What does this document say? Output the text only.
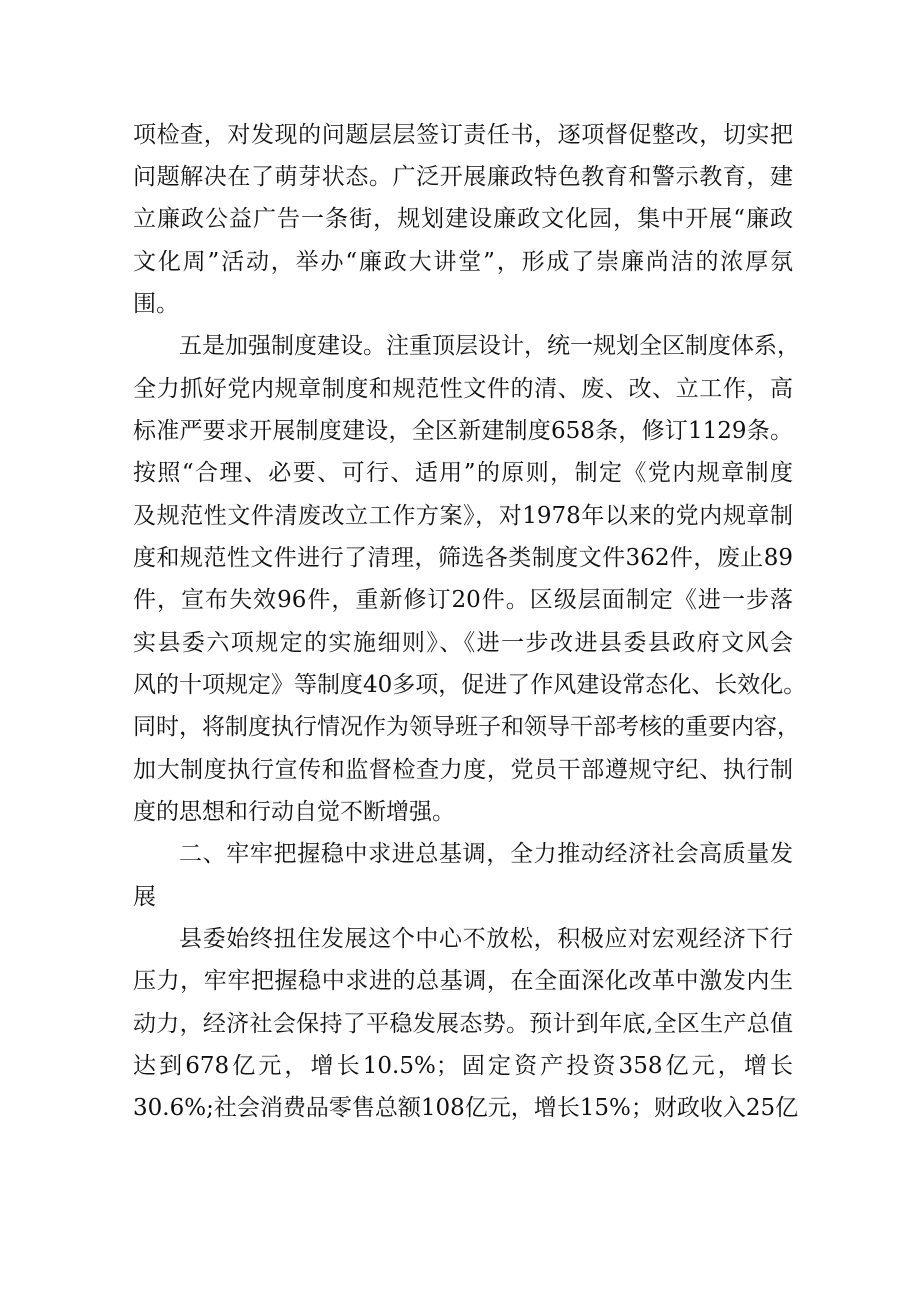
项检查，对发现的问题层层签订责任书，逐项督促整改，切实把
问题解决在了萌芽状态。广泛开展廉政特色教育和警示教育，建
立廉政公益广告一条街，规划建设廉政文化园，集中开展“廉政
文化周”活动，举办“廉政大讲堂”，形成了崇廉尚洁的浓厚氛
围。
五是加强制度建设。注重顶层设计，统一规划全区制度体系，
全力抓好党内规章制度和规范性文件的清、废、改、立工作，高
标准严要求开展制度建设，全区新建制度658条，修订1129条。
按照“合理、必要、可行、适用”的原则，制定《党内规章制度
及规范性文件清废改立工作方案》，对1978年以来的党内规章制
度和规范性文件进行了清理，筛选各类制度文件362件，废止89
件，宣布失效96件，重新修订20件。区级层面制定《进一步落
实县委六项规定的实施细则》、《进一步改进县委县政府文风会
风的十项规定》等制度40多项，促进了作风建设常态化、长效化。
同时，将制度执行情况作为领导班子和领导干部考核的重要内容，
加大制度执行宣传和监督检查力度，党员干部遵规守纪、执行制
度的思想和行动自觉不断增强。
二、牢牢把握稳中求进总基调，全力推动经济社会高质量发
展
县委始终扭住发展这个中心不放松，积极应对宏观经济下行
压力，牢牢把握稳中求进的总基调，在全面深化改革中激发内生
动力，经济社会保持了平稳发展态势。预计到年底,全区生产总值
达到678亿元，增长10.5%；固定资产投资358亿元，增长
30.6%;社会消费品零售总额108亿元，增长15%；财政收入25亿
